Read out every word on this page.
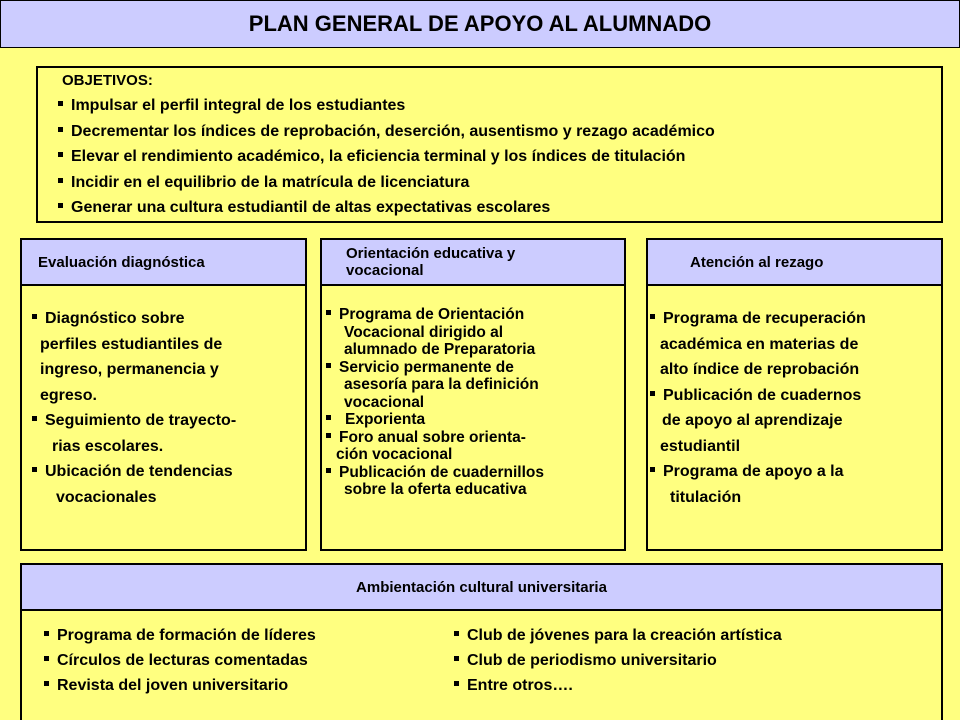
PLAN GENERAL DE APOYO AL ALUMNADO
OBJETIVOS:
Impulsar el perfil integral de los estudiantes
Decrementar los índices de reprobación, deserción, ausentismo y rezago académico
Elevar el rendimiento académico, la eficiencia terminal y los índices de titulación
Incidir en el equilibrio de la matrícula de licenciatura
Generar una cultura estudiantil de altas expectativas escolares
Evaluación diagnóstica
Diagnóstico sobre
perfiles estudiantiles de
ingreso, permanencia y
egreso.
Seguimiento de trayecto-
rias escolares.
Ubicación de tendencias
vocacionales
Orientación educativa y
vocacional
Programa de Orientación
Vocacional dirigido al
alumnado de Preparatoria
Servicio permanente de
asesoría para la definición
vocacional
Exporienta
Foro anual sobre orienta-
ción vocacional
Publicación de cuadernillos
sobre la oferta educativa
Atención al rezago
Programa de recuperación
académica en materias de
alto índice de reprobación
Publicación de cuadernos
de apoyo al aprendizaje
estudiantil
Programa de apoyo a la
titulación
Ambientación cultural universitaria
Programa de formación de líderes
Círculos de lecturas comentadas
Revista del joven universitario
Club de jóvenes para la creación artística
Club de periodismo universitario
Entre otros….
